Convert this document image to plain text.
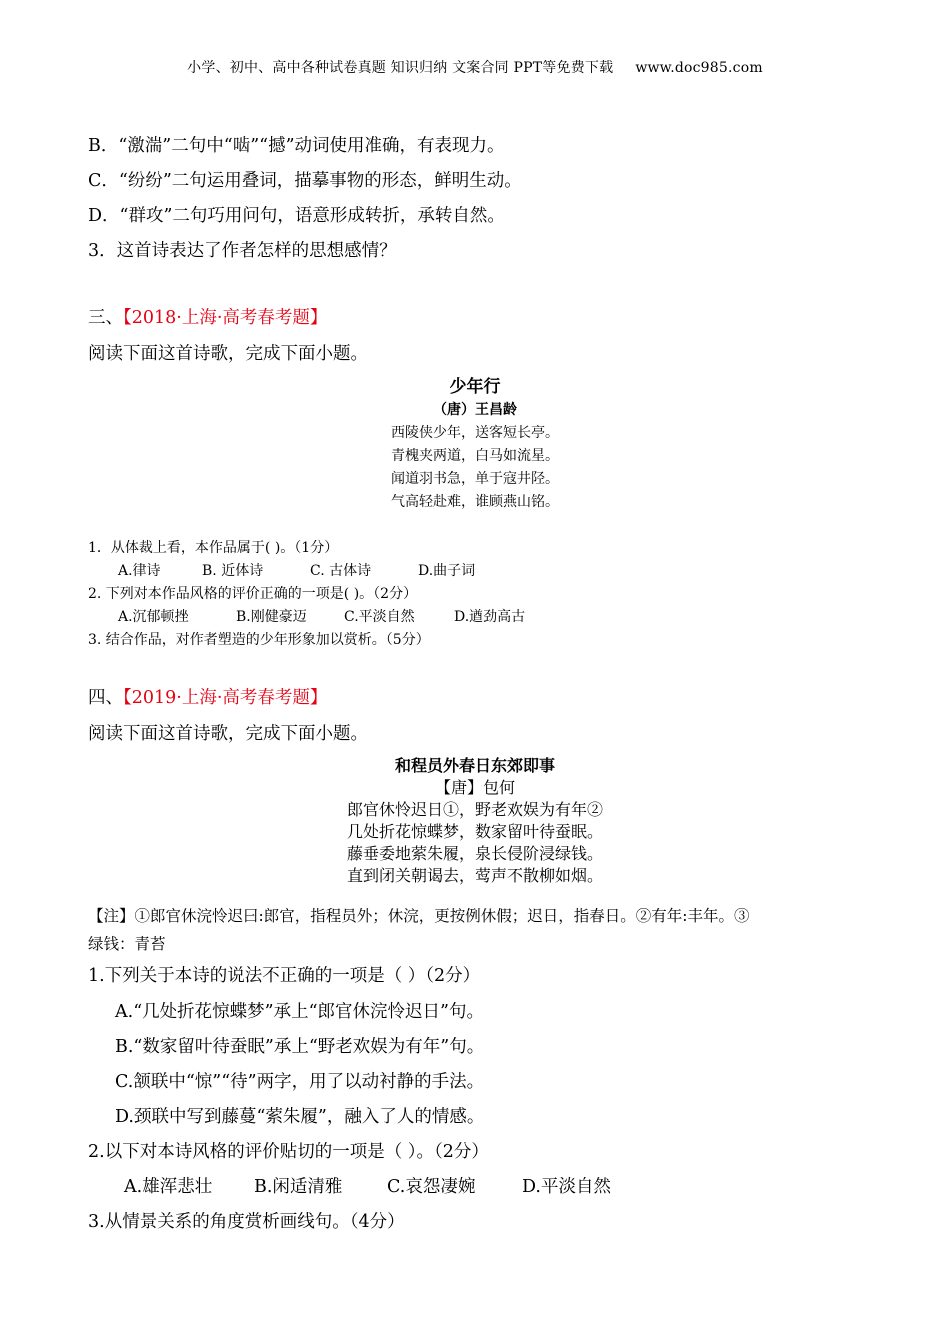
小学、初中、高中各种试卷真题 知识归纳 文案合同 PPT等免费下载 www.doc985.com
B．“激湍”二句中“啮”“撼”动词使用准确，有表现力。
C．“纷纷”二句运用叠词，描摹事物的形态，鲜明生动。
D．“群攻”二句巧用问句，语意形成转折，承转自然。
3．这首诗表达了作者怎样的思想感情？
三、【2018·上海·高考春考题】
阅读下面这首诗歌，完成下面小题。
少年行
（唐）王昌龄
西陵侠少年，送客短长亭。
青槐夹两道，白马如流星。
闻道羽书急，单于寇井陉。
气高轻赴难，谁顾燕山铭。
1．从体裁上看，本作品属于( )。（1分）
A.律诗	B. 近体诗	C. 古体诗	D.曲子词
2. 下列对本作品风格的评价正确的一项是( )。（2分）
A.沉郁顿挫	B.刚健豪迈	C.平淡自然	D.遒劲高古
3. 结合作品，对作者塑造的少年形象加以赏析。（5分）
四、【2019·上海·高考春考题】
阅读下面这首诗歌，完成下面小题。
和程员外春日东郊即事
【唐】包何
郎官休怜迟日①，野老欢娱为有年②
几处折花惊蝶梦，数家留叶待蚕眠。
藤垂委地萦朱履，泉长侵阶浸绿钱。
直到闭关朝谒去，莺声不散柳如烟。
【注】①郎官休浣怜迟曰:郎官，指程员外；休浣，更按例休假；迟日，指春日。②有年:丰年。③
绿钱：青苔
1.下列关于本诗的说法不正确的一项是（ ）（2分）
A.“几处折花惊蝶梦”承上“郎官休浣怜迟日”句。
B.“数家留叶待蚕眠”承上“野老欢娱为有年”句。
C.颔联中“惊”“待”两字，用了以动衬静的手法。
D.颈联中写到藤蔓“萦朱履”，融入了人的情感。
2.以下对本诗风格的评价贴切的一项是（ ）。（2分）
A.雄浑悲壮 B.闲适清雅	C.哀怨凄婉	D.平淡自然
3.从情景关系的角度赏析画线句。（4分）
